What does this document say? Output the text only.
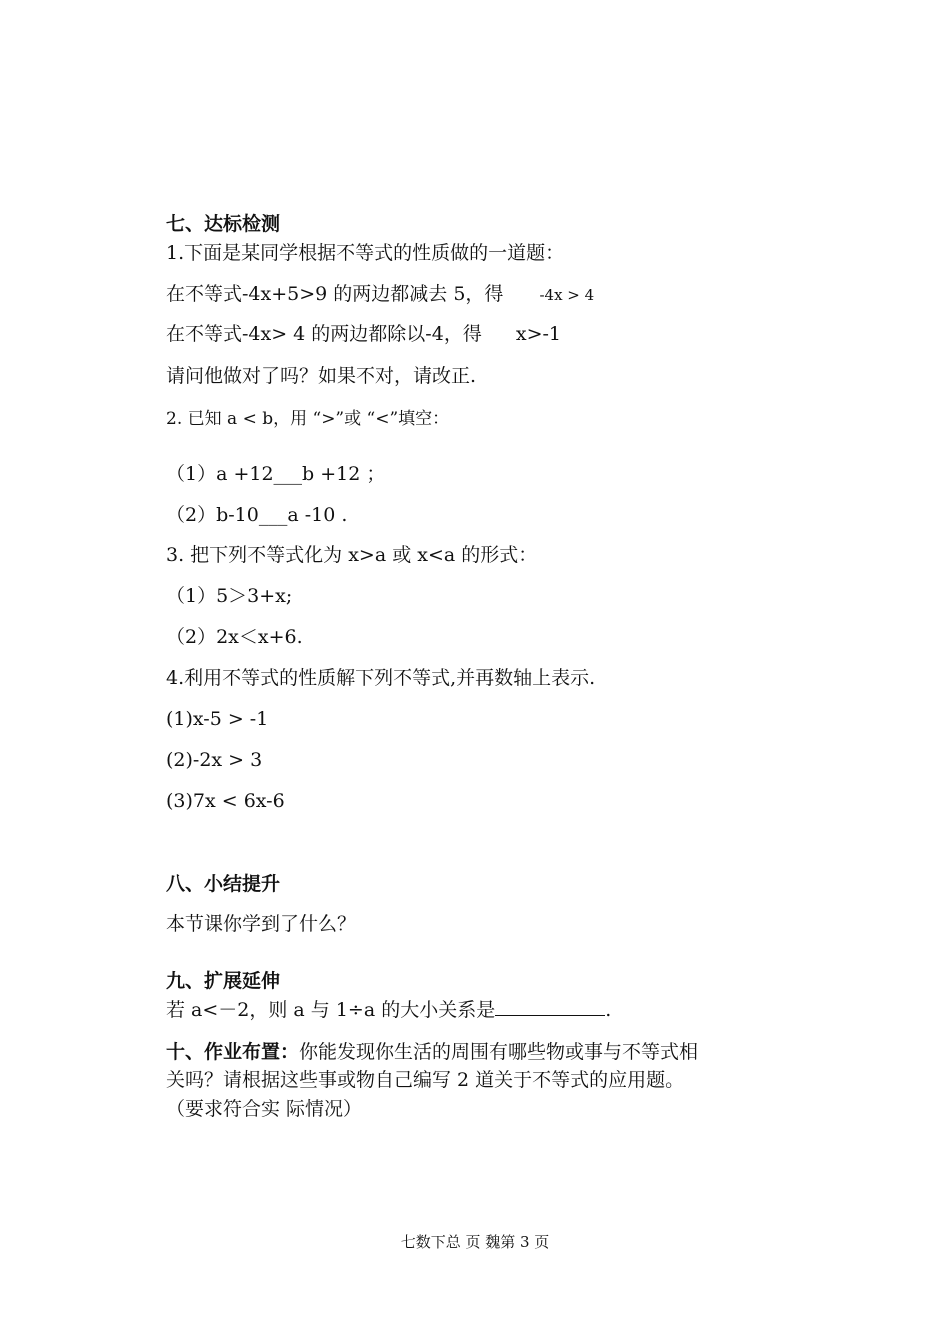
七、达标检测
1.下面是某同学根据不等式的性质做的一道题：
在不等式-4x+5>9 的两边都减去 5，得 -4x > 4
在不等式-4x> 4 的两边都除以-4，得 x>-1
请问他做对了吗？如果不对，请改正.
2. 已知 a < b，用 “>”或 “<”填空：
（1）a +12___b +12 ；
（2）b-10___a -10 .
3. 把下列不等式化为 x>a 或 x<a 的形式：
（1）5＞3+x;
（2）2x＜x+6.
4.利用不等式的性质解下列不等式,并再数轴上表示.
(1)x-5 > -1
(2)-2x > 3
(3)7x < 6x-6
八、小结提升
本节课你学到了什么？
九、扩展延伸
若 a<－2，则 a 与 1÷a 的大小关系是	.
十、作业布置：你能发现你生活的周围有哪些物或事与不等式相
关吗？请根据这些事或物自己编写 2 道关于不等式的应用题。
（要求符合实 际情况）
七数下总 页 魏第 3 页
